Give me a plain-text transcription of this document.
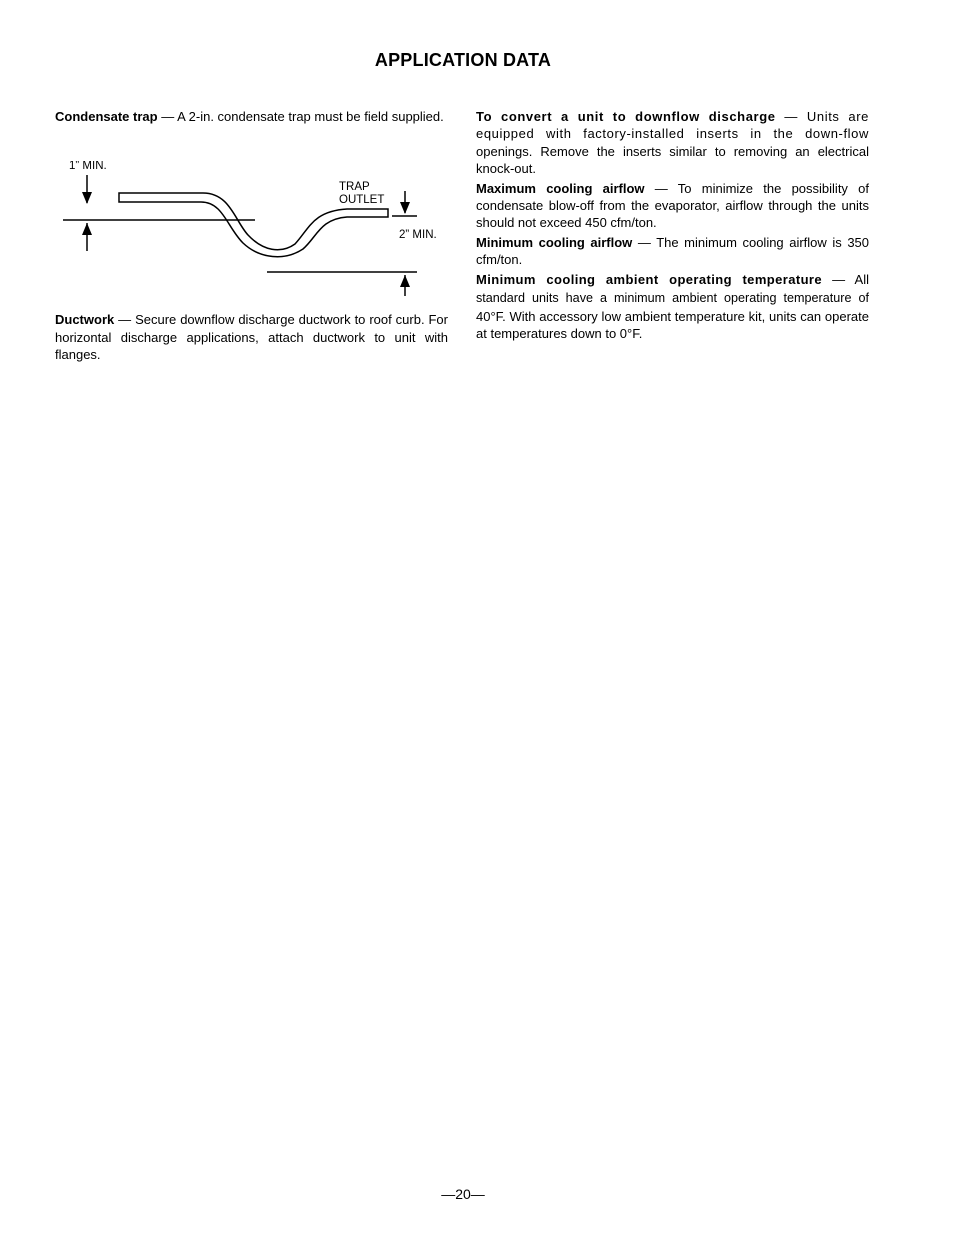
APPLICATION DATA

Condensate trap — A 2-in. condensate trap must be field supplied.

1” MIN.
TRAP
OUTLET
2” MIN.

Ductwork — Secure downflow discharge ductwork to roof curb. For horizontal discharge applications, attach ductwork to unit with flanges.

To convert a unit to downflow discharge — Units are equipped with factory-installed inserts in the down-flow openings. Remove the inserts similar to removing an electrical knock-out.

Maximum cooling airflow — To minimize the possibility of condensate blow-off from the evaporator, airflow through the units should not exceed 450 cfm/ton.

Minimum cooling airflow — The minimum cooling airflow is 350 cfm/ton.

Minimum cooling ambient operating temperature — All standard units have a minimum ambient operating temperature of 40°F. With accessory low ambient temperature kit, units can operate at temperatures down to 0°F.

—20—
